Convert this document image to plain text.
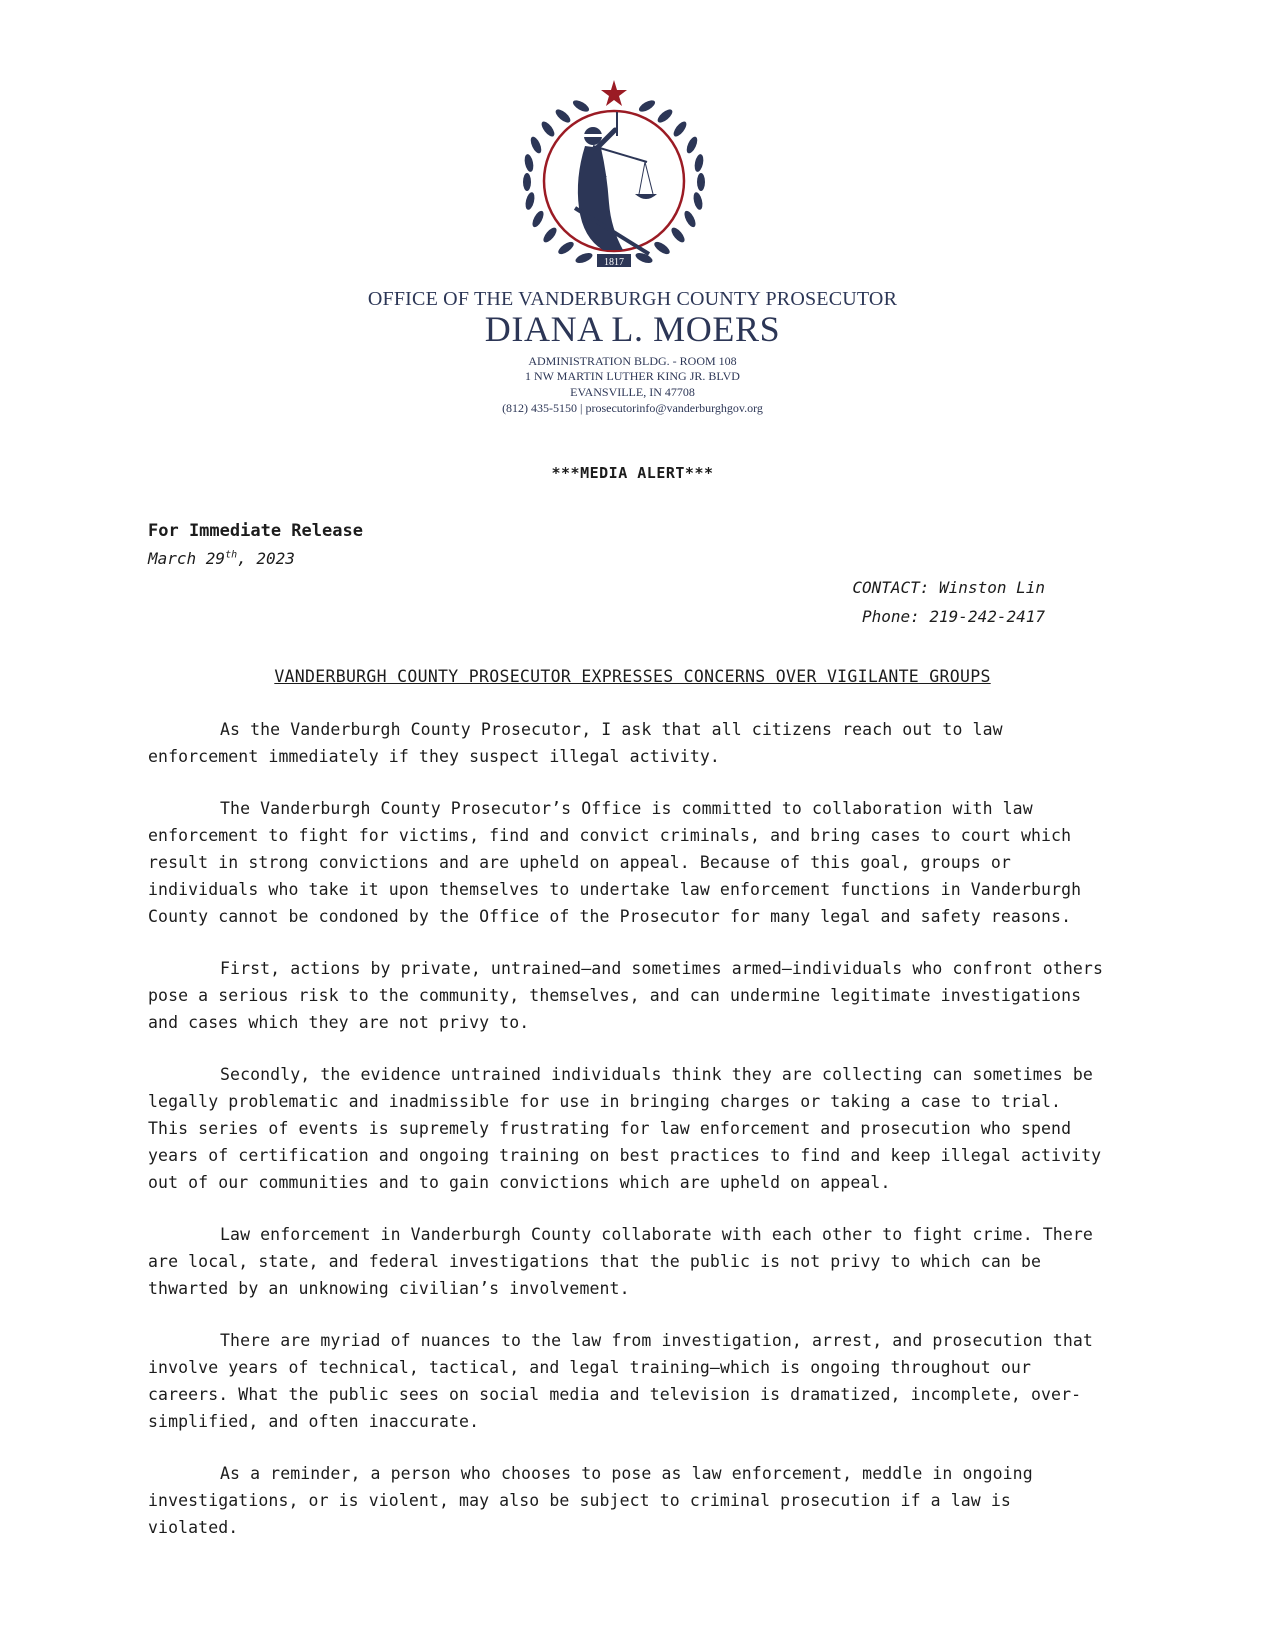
1817
OFFICE OF THE VANDERBURGH COUNTY PROSECUTOR
DIANA L. MOERS
ADMINISTRATION BLDG. - ROOM 108
1 NW MARTIN LUTHER KING JR. BLVD
EVANSVILLE, IN 47708
(812) 435-5150 | prosecutorinfo@vanderburghgov.org
***MEDIA ALERT***
For Immediate Release
March 29th, 2023
CONTACT: Winston Lin
Phone: 219-242-2417
VANDERBURGH COUNTY PROSECUTOR EXPRESSES CONCERNS OVER VIGILANTE GROUPS

As the Vanderburgh County Prosecutor, I ask that all citizens reach out to law enforcement immediately if they suspect illegal activity.

The Vanderburgh County Prosecutor’s Office is committed to collaboration with law enforcement to fight for victims, find and convict criminals, and bring cases to court which result in strong convictions and are upheld on appeal. Because of this goal, groups or individuals who take it upon themselves to undertake law enforcement functions in Vanderburgh County cannot be condoned by the Office of the Prosecutor for many legal and safety reasons.

First, actions by private, untrained—and sometimes armed—individuals who confront others pose a serious risk to the community, themselves, and can undermine legitimate investigations and cases which they are not privy to.

Secondly, the evidence untrained individuals think they are collecting can sometimes be legally problematic and inadmissible for use in bringing charges or taking a case to trial. This series of events is supremely frustrating for law enforcement and prosecution who spend years of certification and ongoing training on best practices to find and keep illegal activity out of our communities and to gain convictions which are upheld on appeal.

Law enforcement in Vanderburgh County collaborate with each other to fight crime. There are local, state, and federal investigations that the public is not privy to which can be thwarted by an unknowing civilian’s involvement.

There are myriad of nuances to the law from investigation, arrest, and prosecution that involve years of technical, tactical, and legal training—which is ongoing throughout our careers. What the public sees on social media and television is dramatized, incomplete, over-simplified, and often inaccurate.

As a reminder, a person who chooses to pose as law enforcement, meddle in ongoing investigations, or is violent, may also be subject to criminal prosecution if a law is violated.
